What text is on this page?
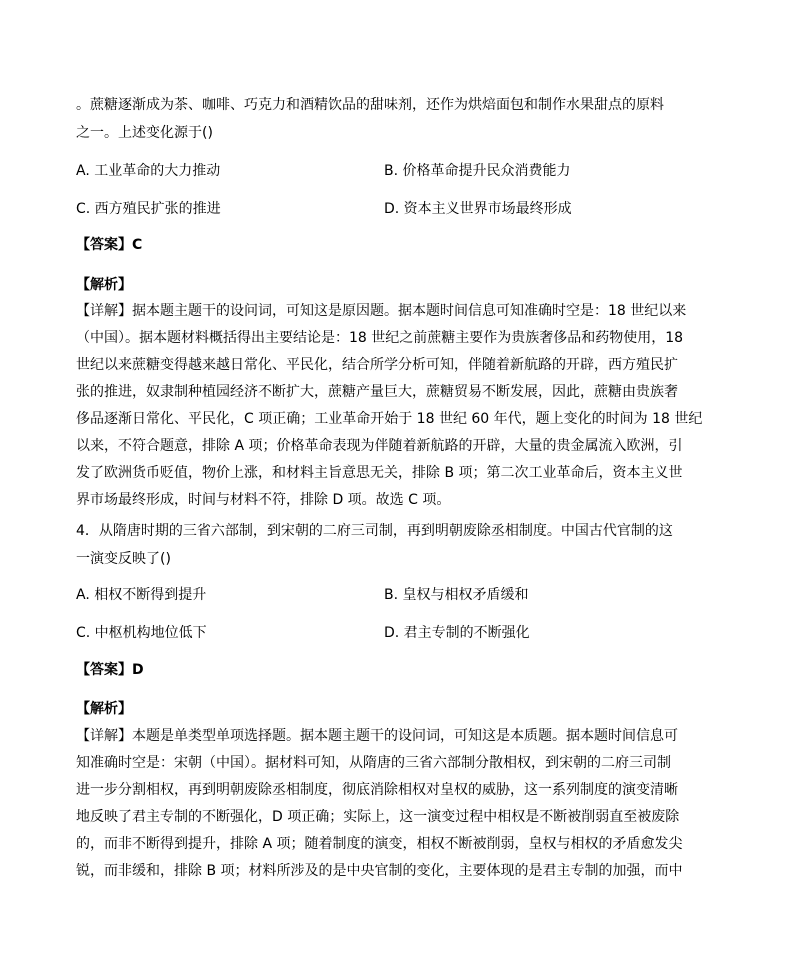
。蔗糖逐渐成为茶、咖啡、巧克力和酒精饮品的甜味剂，还作为烘焙面包和制作水果甜点的原料
之一。上述变化源于()
A. 工业革命的大力推动	B. 价格革命提升民众消费能力
C. 西方殖民扩张的推进	D. 资本主义世界市场最终形成
【答案】C
【解析】
【详解】据本题主题干的设问词，可知这是原因题。据本题时间信息可知准确时空是：18 世纪以来
（中国）。据本题材料概括得出主要结论是：18 世纪之前蔗糖主要作为贵族奢侈品和药物使用，18
世纪以来蔗糖变得越来越日常化、平民化，结合所学分析可知，伴随着新航路的开辟，西方殖民扩
张的推进，奴隶制种植园经济不断扩大，蔗糖产量巨大，蔗糖贸易不断发展，因此，蔗糖由贵族奢
侈品逐渐日常化、平民化，C 项正确；工业革命开始于 18 世纪 60 年代，题上变化的时间为 18 世纪
以来，不符合题意，排除 A 项；价格革命表现为伴随着新航路的开辟，大量的贵金属流入欧洲，引
发了欧洲货币贬值，物价上涨，和材料主旨意思无关，排除 B 项；第二次工业革命后，资本主义世
界市场最终形成，时间与材料不符，排除 D 项。故选 C 项。
4．从隋唐时期的三省六部制，到宋朝的二府三司制，再到明朝废除丞相制度。中国古代官制的这
一演变反映了()
A. 相权不断得到提升	B. 皇权与相权矛盾缓和
C. 中枢机构地位低下	D. 君主专制的不断强化
【答案】D
【解析】
【详解】本题是单类型单项选择题。据本题主题干的设问词，可知这是本质题。据本题时间信息可
知准确时空是：宋朝（中国）。据材料可知，从隋唐的三省六部制分散相权，到宋朝的二府三司制
进一步分割相权，再到明朝废除丞相制度，彻底消除相权对皇权的威胁，这一系列制度的演变清晰
地反映了君主专制的不断强化，D 项正确；实际上，这一演变过程中相权是不断被削弱直至被废除
的，而非不断得到提升，排除 A 项；随着制度的演变，相权不断被削弱，皇权与相权的矛盾愈发尖
锐，而非缓和，排除 B 项；材料所涉及的是中央官制的变化，主要体现的是君主专制的加强，而中
